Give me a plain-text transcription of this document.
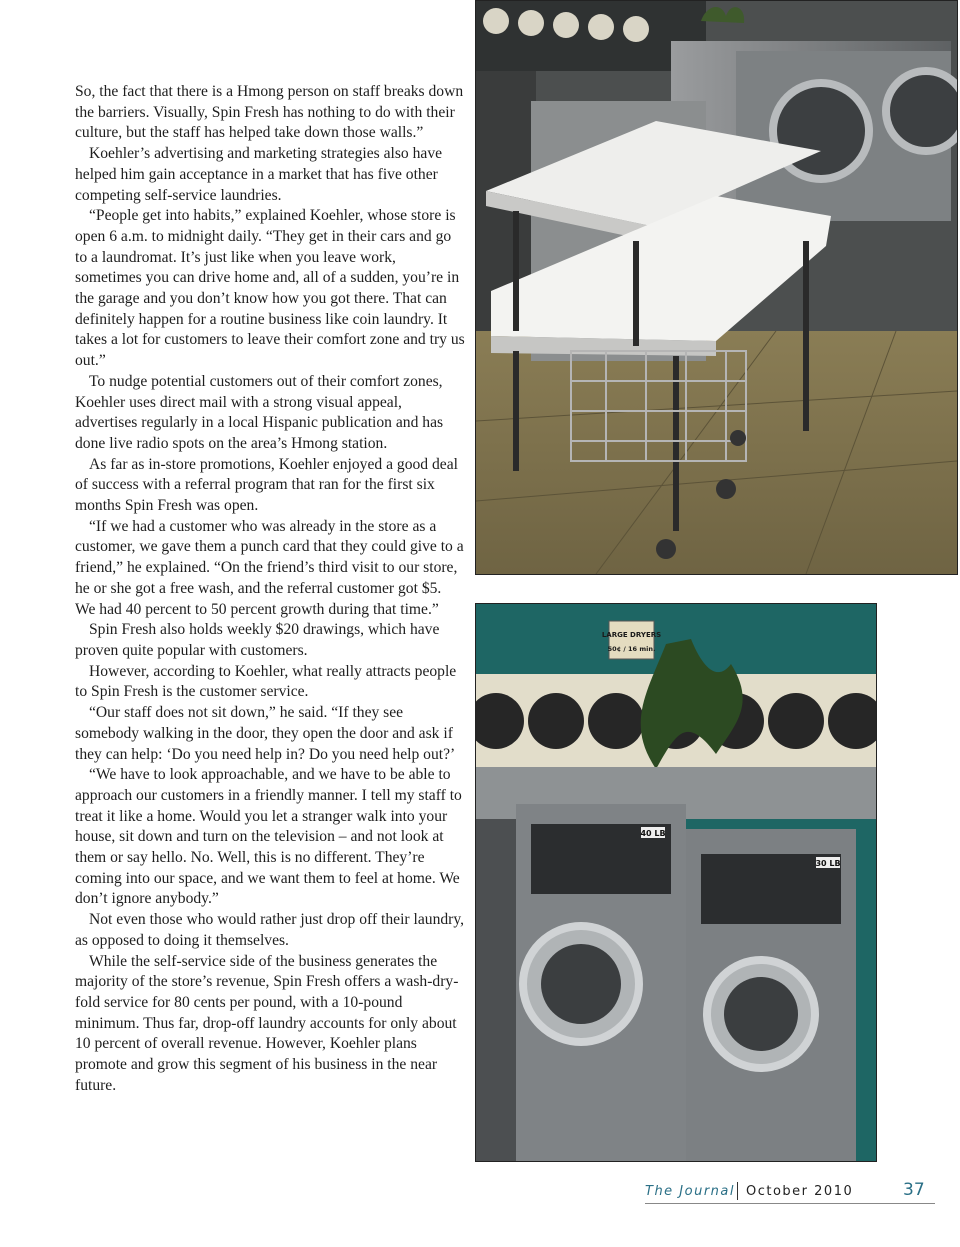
So, the fact that there is a Hmong person on staff breaks down the barriers. Visually, Spin Fresh has nothing to do with their culture, but the staff has helped take down those walls.”

Koehler’s advertising and marketing strategies also have helped him gain acceptance in a market that has five other competing self-service laundries.

“People get into habits,” explained Koehler, whose store is open 6 a.m. to midnight daily. “They get in their cars and go to a laundromat. It’s just like when you leave work, sometimes you can drive home and, all of a sudden, you’re in the garage and you don’t know how you got there. That can definitely happen for a routine business like coin laundry. It takes a lot for customers to leave their comfort zone and try us out.”

To nudge potential customers out of their comfort zones, Koehler uses direct mail with a strong visual appeal, advertises regularly in a local Hispanic publication and has done live radio spots on the area’s Hmong station.

As far as in-store promotions, Koehler enjoyed a good deal of success with a referral program that ran for the first six months Spin Fresh was open.

“If we had a customer who was already in the store as a customer, we gave them a punch card that they could give to a friend,” he explained. “On the friend’s third visit to our store, he or she got a free wash, and the referral customer got $5. We had 40 percent to 50 percent growth during that time.”

Spin Fresh also holds weekly $20 drawings, which have proven quite popular with customers.

However, according to Koehler, what really attracts people to Spin Fresh is the customer service.

“Our staff does not sit down,” he said. “If they see somebody walking in the door, they open the door and ask if they can help: ‘Do you need help in? Do you need help out?’

“We have to look approachable, and we have to be able to approach our customers in a friendly manner. I tell my staff to treat it like a home. Would you let a stranger walk into your house, sit down and turn on the television – and not look at them or say hello. No. Well, this is no different. They’re coming into our space, and we want them to feel at home. We don’t ignore anybody.”

Not even those who would rather just drop off their laundry, as opposed to doing it themselves.

While the self-service side of the business generates the majority of the store’s revenue, Spin Fresh offers a wash-dry-fold service for 80 cents per pound, with a 10-pound minimum. Thus far, drop-off laundry accounts for only about 10 percent of overall revenue. However, Koehler plans promote and grow this segment of his business in the near future.

LARGE DRYERS
50¢ / 16 min.
40 LB
30 LB
The Journal October 2010	37
